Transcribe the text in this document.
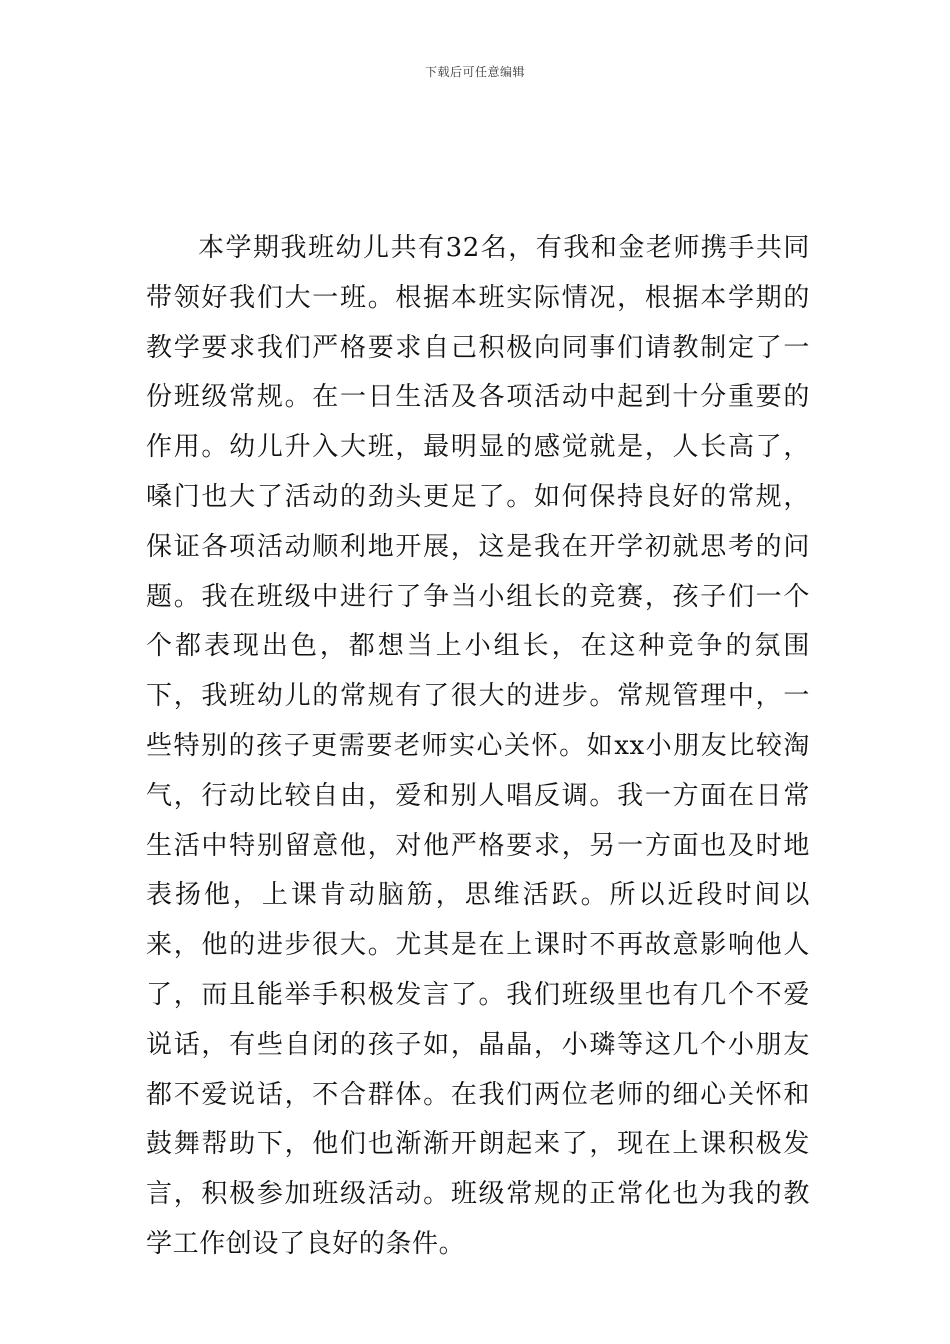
下载后可任意编辑

本学期我班幼儿共有32名，有我和金老师携手共同带领好我们大一班。根据本班实际情况，根据本学期的教学要求我们严格要求自己积极向同事们请教制定了一份班级常规。在一日生活及各项活动中起到十分重要的作用。幼儿升入大班，最明显的感觉就是，人长高了，嗓门也大了活动的劲头更足了。如何保持良好的常规，保证各项活动顺利地开展，这是我在开学初就思考的问题。我在班级中进行了争当小组长的竞赛，孩子们一个个都表现出色，都想当上小组长，在这种竞争的氛围下，我班幼儿的常规有了很大的进步。常规管理中，一些特别的孩子更需要老师实心关怀。如xx小朋友比较淘气，行动比较自由，爱和别人唱反调。我一方面在日常生活中特别留意他，对他严格要求，另一方面也及时地表扬他，上课肯动脑筋，思维活跃。所以近段时间以来，他的进步很大。尤其是在上课时不再故意影响他人了，而且能举手积极发言了。我们班级里也有几个不爱说话，有些自闭的孩子如，晶晶，小璘等这几个小朋友都不爱说话，不合群体。在我们两位老师的细心关怀和鼓舞帮助下，他们也渐渐开朗起来了，现在上课积极发言，积极参加班级活动。班级常规的正常化也为我的教学工作创设了良好的条件。
